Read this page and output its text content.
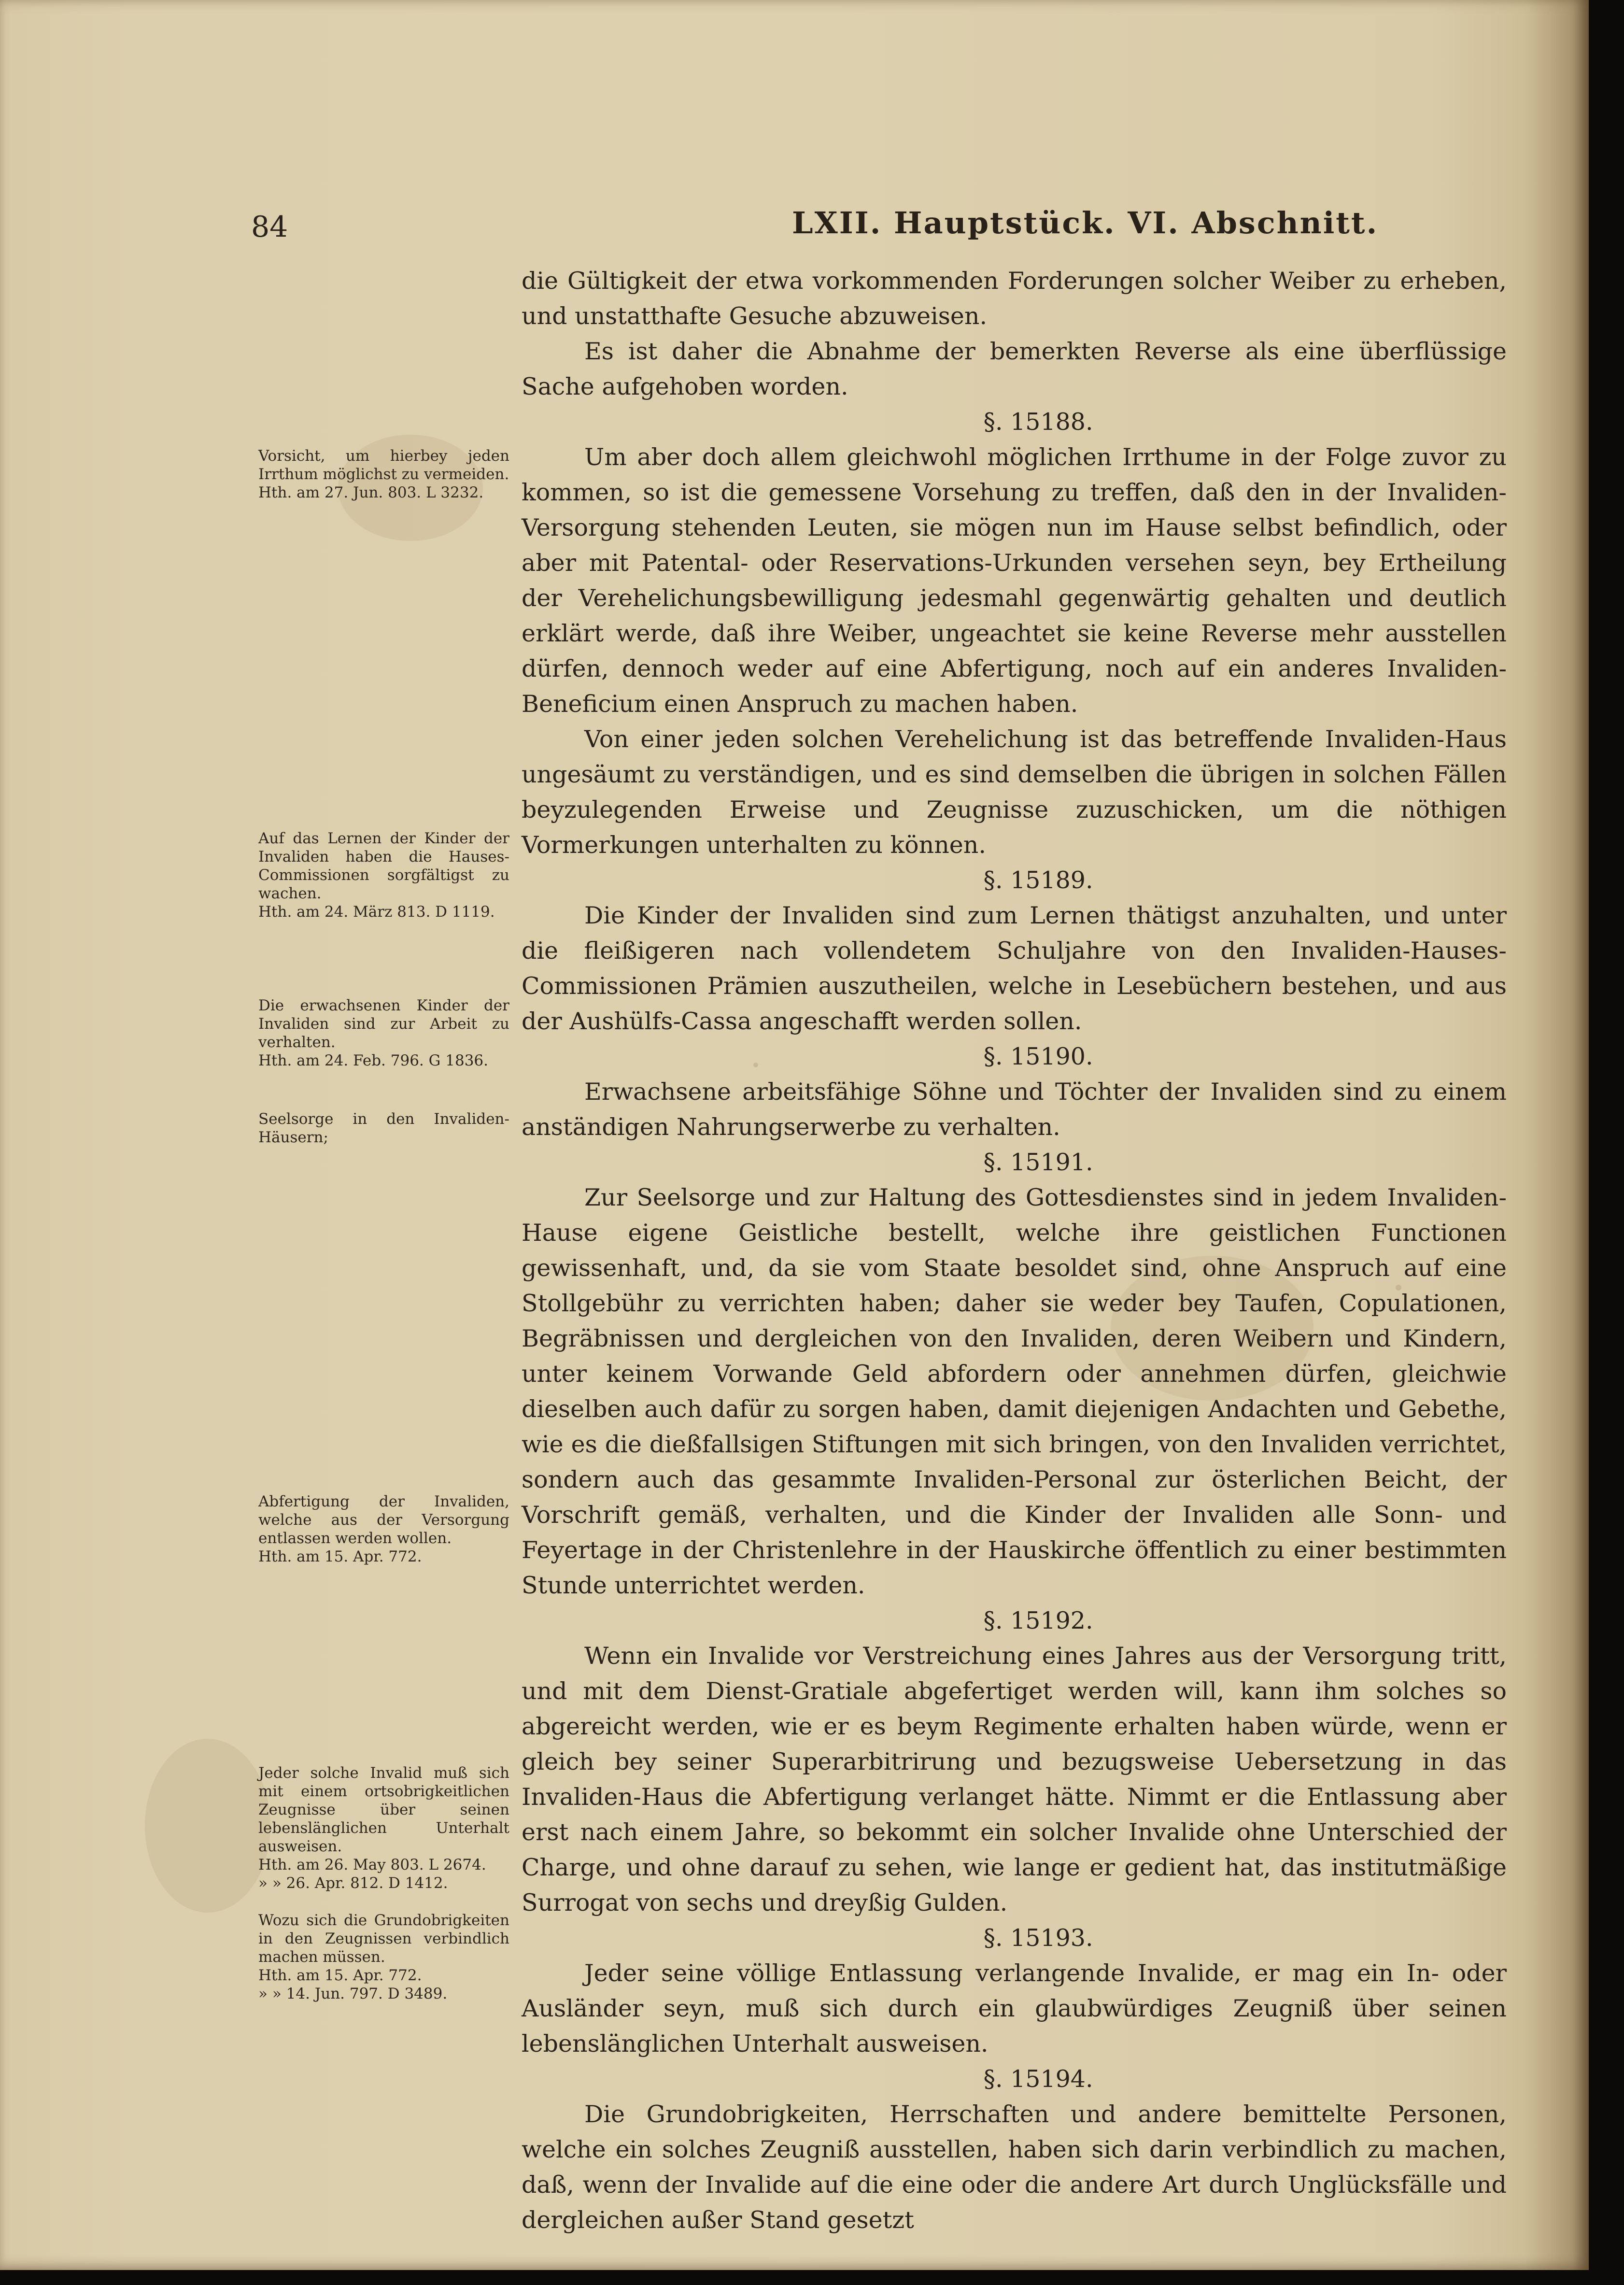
84	LXII. Hauptstück. VI. Abschnitt.
Vorsicht, um hierbey jeden Irrthum möglichst zu vermeiden.
Hth. am 27. Jun. 803. L 3232.
Auf das Lernen der Kinder der Invaliden haben die Hauses-Commissionen sorgfältigst zu wachen.
Hth. am 24. März 813. D 1119.
Die erwachsenen Kinder der Invaliden sind zur Arbeit zu verhalten.
Hth. am 24. Feb. 796. G 1836.
Seelsorge in den Invaliden-Häusern;
Abfertigung der Invaliden, welche aus der Versorgung entlassen werden wollen.
Hth. am 15. Apr. 772.
Jeder solche Invalid muß sich mit einem ortsobrigkeitlichen Zeugnisse über seinen lebenslänglichen Unterhalt ausweisen.
Hth. am 26. May 803. L 2674.
» » 26. Apr. 812. D 1412.
Wozu sich die Grundobrigkeiten in den Zeugnissen verbindlich machen müssen.
Hth. am 15. Apr. 772.
» » 14. Jun. 797. D 3489.

die Gültigkeit der etwa vorkommenden Forderungen solcher Weiber zu erheben, und unstatthafte Gesuche abzuweisen.

Es ist daher die Abnahme der bemerkten Reverse als eine überflüssige Sache aufgehoben worden.

§. 15188.

Um aber doch allem gleichwohl möglichen Irrthume in der Folge zuvor zu kommen, so ist die gemessene Vorsehung zu treffen, daß den in der Invaliden-Versorgung stehenden Leuten, sie mögen nun im Hause selbst befindlich, oder aber mit Patental- oder Reservations-Urkunden versehen seyn, bey Ertheilung der Verehelichungsbewilligung jedesmahl gegenwärtig gehalten und deutlich erklärt werde, daß ihre Weiber, ungeachtet sie keine Reverse mehr ausstellen dürfen, dennoch weder auf eine Abfertigung, noch auf ein anderes Invaliden-Beneficium einen Anspruch zu machen haben.

Von einer jeden solchen Verehelichung ist das betreffende Invaliden-Haus ungesäumt zu verständigen, und es sind demselben die übrigen in solchen Fällen beyzulegenden Erweise und Zeugnisse zuzuschicken, um die nöthigen Vormerkungen unterhalten zu können.

§. 15189.

Die Kinder der Invaliden sind zum Lernen thätigst anzuhalten, und unter die fleißigeren nach vollendetem Schuljahre von den Invaliden-Hauses-Commissionen Prämien auszutheilen, welche in Lesebüchern bestehen, und aus der Aushülfs-Cassa angeschafft werden sollen.

§. 15190.

Erwachsene arbeitsfähige Söhne und Töchter der Invaliden sind zu einem anständigen Nahrungserwerbe zu verhalten.

§. 15191.

Zur Seelsorge und zur Haltung des Gottesdienstes sind in jedem Invaliden-Hause eigene Geistliche bestellt, welche ihre geistlichen Functionen gewissenhaft, und, da sie vom Staate besoldet sind, ohne Anspruch auf eine Stollgebühr zu verrichten haben; daher sie weder bey Taufen, Copulationen, Begräbnissen und dergleichen von den Invaliden, deren Weibern und Kindern, unter keinem Vorwande Geld abfordern oder annehmen dürfen, gleichwie dieselben auch dafür zu sorgen haben, damit diejenigen Andachten und Gebethe, wie es die dießfallsigen Stiftungen mit sich bringen, von den Invaliden verrichtet, sondern auch das gesammte Invaliden-Personal zur österlichen Beicht, der Vorschrift gemäß, verhalten, und die Kinder der Invaliden alle Sonn- und Feyertage in der Christenlehre in der Hauskirche öffentlich zu einer bestimmten Stunde unterrichtet werden.

§. 15192.

Wenn ein Invalide vor Verstreichung eines Jahres aus der Versorgung tritt, und mit dem Dienst-Gratiale abgefertiget werden will, kann ihm solches so abgereicht werden, wie er es beym Regimente erhalten haben würde, wenn er gleich bey seiner Superarbitrirung und bezugsweise Uebersetzung in das Invaliden-Haus die Abfertigung verlanget hätte. Nimmt er die Entlassung aber erst nach einem Jahre, so bekommt ein solcher Invalide ohne Unterschied der Charge, und ohne darauf zu sehen, wie lange er gedient hat, das institutmäßige Surrogat von sechs und dreyßig Gulden.

§. 15193.

Jeder seine völlige Entlassung verlangende Invalide, er mag ein In- oder Ausländer seyn, muß sich durch ein glaubwürdiges Zeugniß über seinen lebenslänglichen Unterhalt ausweisen.

§. 15194.

Die Grundobrigkeiten, Herrschaften und andere bemittelte Personen, welche ein solches Zeugniß ausstellen, haben sich darin verbindlich zu machen, daß, wenn der Invalide auf die eine oder die andere Art durch Unglücksfälle und dergleichen außer Stand gesetzt
